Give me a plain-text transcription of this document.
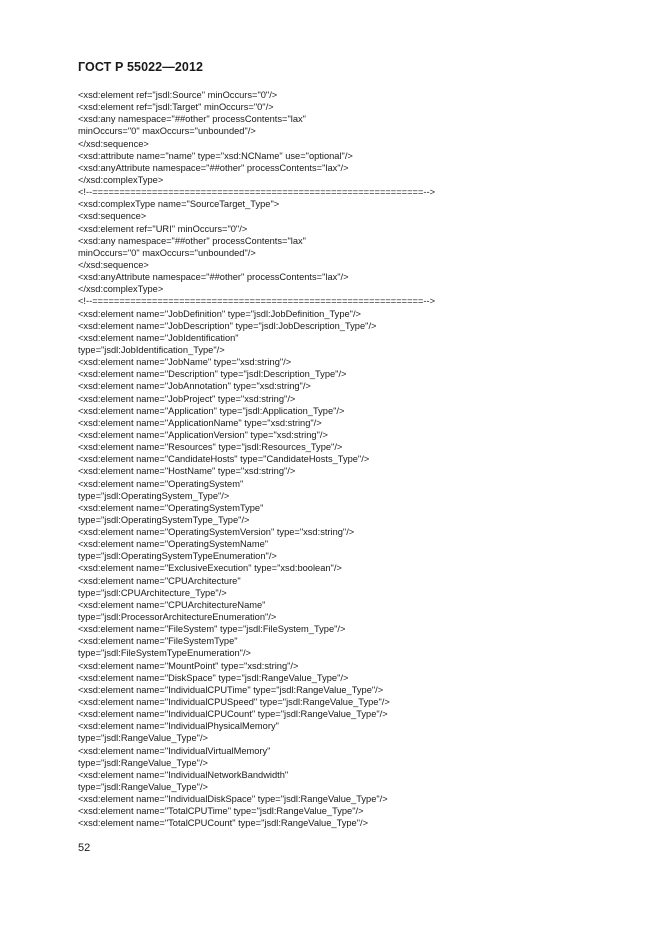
ГОСТ Р 55022—2012
<xsd:element ref="jsdl:Source" minOccurs="0"/>
<xsd:element ref="jsdl:Target" minOccurs="0"/>
<xsd:any namespace="##other" processContents="lax"
minOccurs="0" maxOccurs="unbounded"/>
</xsd:sequence>
<xsd:attribute name="name" type="xsd:NCName" use="optional"/>
<xsd:anyAttribute namespace="##other" processContents="lax"/>
</xsd:complexType>
<!--=============================================================-->
<xsd:complexType name="SourceTarget_Type">
<xsd:sequence>
<xsd:element ref="URI" minOccurs="0"/>
<xsd:any namespace="##other" processContents="lax"
minOccurs="0" maxOccurs="unbounded"/>
</xsd:sequence>
<xsd:anyAttribute namespace="##other" processContents="lax"/>
</xsd:complexType>
<!--=============================================================-->
<xsd:element name="JobDefinition" type="jsdl:JobDefinition_Type"/>
<xsd:element name="JobDescription" type="jsdl:JobDescription_Type"/>
<xsd:element name="JobIdentification"
type="jsdl:JobIdentification_Type"/>
<xsd:element name="JobName" type="xsd:string"/>
<xsd:element name="Description" type="jsdl:Description_Type"/>
<xsd:element name="JobAnnotation" type="xsd:string"/>
<xsd:element name="JobProject" type="xsd:string"/>
<xsd:element name="Application" type="jsdl:Application_Type"/>
<xsd:element name="ApplicationName" type="xsd:string"/>
<xsd:element name="ApplicationVersion" type="xsd:string"/>
<xsd:element name="Resources" type="jsdl:Resources_Type"/>
<xsd:element name="CandidateHosts" type="CandidateHosts_Type"/>
<xsd:element name="HostName" type="xsd:string"/>
<xsd:element name="OperatingSystem"
type="jsdl:OperatingSystem_Type"/>
<xsd:element name="OperatingSystemType"
type="jsdl:OperatingSystemType_Type"/>
<xsd:element name="OperatingSystemVersion" type="xsd:string"/>
<xsd:element name="OperatingSystemName"
type="jsdl:OperatingSystemTypeEnumeration"/>
<xsd:element name="ExclusiveExecution" type="xsd:boolean"/>
<xsd:element name="CPUArchitecture"
type="jsdl:CPUArchitecture_Type"/>
<xsd:element name="CPUArchitectureName"
type="jsdl:ProcessorArchitectureEnumeration"/>
<xsd:element name="FileSystem" type="jsdl:FileSystem_Type"/>
<xsd:element name="FileSystemType"
type="jsdl:FileSystemTypeEnumeration"/>
<xsd:element name="MountPoint" type="xsd:string"/>
<xsd:element name="DiskSpace" type="jsdl:RangeValue_Type"/>
<xsd:element name="IndividualCPUTime" type="jsdl:RangeValue_Type"/>
<xsd:element name="IndividualCPUSpeed" type="jsdl:RangeValue_Type"/>
<xsd:element name="IndividualCPUCount" type="jsdl:RangeValue_Type"/>
<xsd:element name="IndividualPhysicalMemory"
type="jsdl:RangeValue_Type"/>
<xsd:element name="IndividualVirtualMemory"
type="jsdl:RangeValue_Type"/>
<xsd:element name="IndividualNetworkBandwidth"
type="jsdl:RangeValue_Type"/>
<xsd:element name="IndividualDiskSpace" type="jsdl:RangeValue_Type"/>
<xsd:element name="TotalCPUTime" type="jsdl:RangeValue_Type"/>
<xsd:element name="TotalCPUCount" type="jsdl:RangeValue_Type"/>
52
